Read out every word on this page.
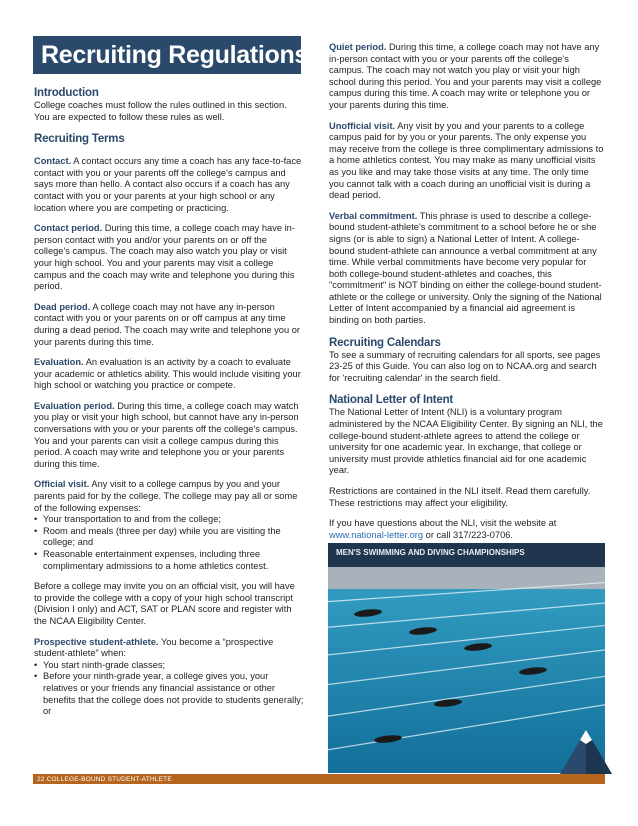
Recruiting Regulations
Introduction

College coaches must follow the rules outlined in this section. You are expected to follow these rules as well.

Recruiting Terms

Contact. A contact occurs any time a coach has any face-to-face contact with you or your parents off the college's campus and says more than hello. A contact also occurs if a coach has any contact with you or your parents at your high school or any location where you are competing or practicing.

Contact period. During this time, a college coach may have in-person contact with you and/or your parents on or off the college's campus. The coach may also watch you play or visit your high school. You and your parents may visit a college campus and the coach may write and telephone you during this period.

Dead period. A college coach may not have any in-person contact with you or your parents on or off campus at any time during a dead period. The coach may write and telephone you or your parents during this time.

Evaluation. An evaluation is an activity by a coach to evaluate your academic or athletics ability. This would include visiting your high school or watching you practice or compete.

Evaluation period. During this time, a college coach may watch you play or visit your high school, but cannot have any in-person conversations with you or your parents off the college's campus. You and your parents can visit a college campus during this period. A coach may write and telephone you or your parents during this time.

Official visit. Any visit to a college campus by you and your parents paid for by the college. The college may pay all or some of the following expenses:

• Your transportation to and from the college;
• Room and meals (three per day) while you are visiting the college; and
• Reasonable entertainment expenses, including three complimentary admissions to a home athletics contest.

Before a college may invite you on an official visit, you will have to provide the college with a copy of your high school transcript (Division I only) and ACT, SAT or PLAN score and register with the NCAA Eligibility Center.

Prospective student-athlete. You become a “prospective student-athlete” when:

• You start ninth-grade classes;
• Before your ninth-grade year, a college gives you, your relatives or your friends any financial assistance or other benefits that the college does not provide to students generally; or

Quiet period. During this time, a college coach may not have any in-person contact with you or your parents off the college's campus. The coach may not watch you play or visit your high school during this period. You and your parents may visit a college campus during this time. A coach may write or telephone you or your parents during this time.

Unofficial visit. Any visit by you and your parents to a college campus paid for by you or your parents. The only expense you may receive from the college is three complimentary admissions to a home athletics contest. You may make as many unofficial visits as you like and may take those visits at any time. The only time you cannot talk with a coach during an unofficial visit is during a dead period.

Verbal commitment. This phrase is used to describe a college-bound student-athlete's commitment to a school before he or she signs (or is able to sign) a National Letter of Intent. A college-bound student-athlete can announce a verbal commitment at any time. While verbal commitments have become very popular for both college-bound student-athletes and coaches, this "commitment" is NOT binding on either the college-bound student-athlete or the college or university. Only the signing of the National Letter of Intent accompanied by a financial aid agreement is binding on both parties.

Recruiting Calendars

To see a summary of recruiting calendars for all sports, see pages 23-25 of this Guide. You can also log on to NCAA.org and search for 'recruiting calendar' in the search field.

National Letter of Intent

The National Letter of Intent (NLI) is a voluntary program administered by the NCAA Eligibility Center. By signing an NLI, the college-bound student-athlete agrees to attend the college or university for one academic year. In exchange, that college or university must provide athletics financial aid for one academic year.

Restrictions are contained in the NLI itself. Read them carefully. These restrictions may affect your eligibility.

If you have questions about the NLI, visit the website at
www.national-letter.org or call 317/223-0706.

MEN'S SWIMMING AND DIVING CHAMPIONSHIPS
22 COLLEGE-BOUND STUDENT-ATHLETE
